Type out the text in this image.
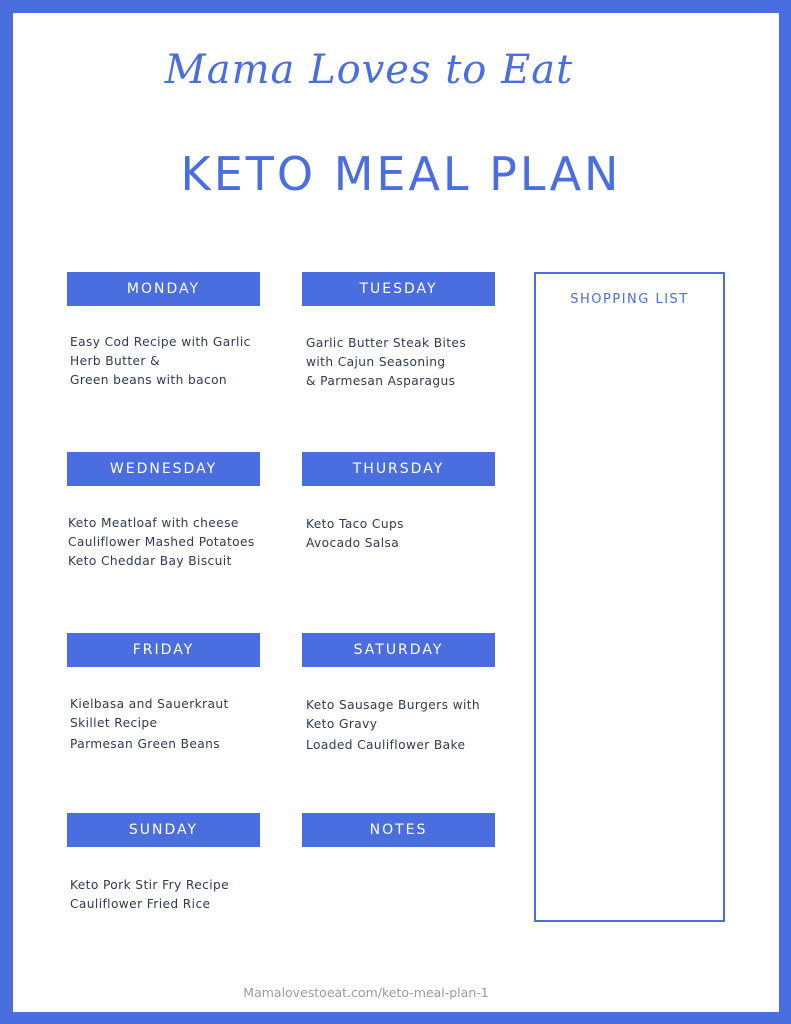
Mama Loves to Eat
KETO MEAL PLAN
MONDAY
Easy Cod Recipe with Garlic
Herb Butter &
Green beans with bacon
TUESDAY
Garlic Butter Steak Bites
with Cajun Seasoning
& Parmesan Asparagus
WEDNESDAY
Keto Meatloaf with cheese
Cauliflower Mashed Potatoes
Keto Cheddar Bay Biscuit
THURSDAY
Keto Taco Cups
Avocado Salsa
FRIDAY
Kielbasa and Sauerkraut
Skillet Recipe
Parmesan Green Beans
SATURDAY
Keto Sausage Burgers with
Keto Gravy
Loaded Cauliflower Bake
SUNDAY
Keto Pork Stir Fry Recipe
Cauliflower Fried Rice
NOTES
SHOPPING LIST
Mamalovestoeat.com/keto-meal-plan-1
